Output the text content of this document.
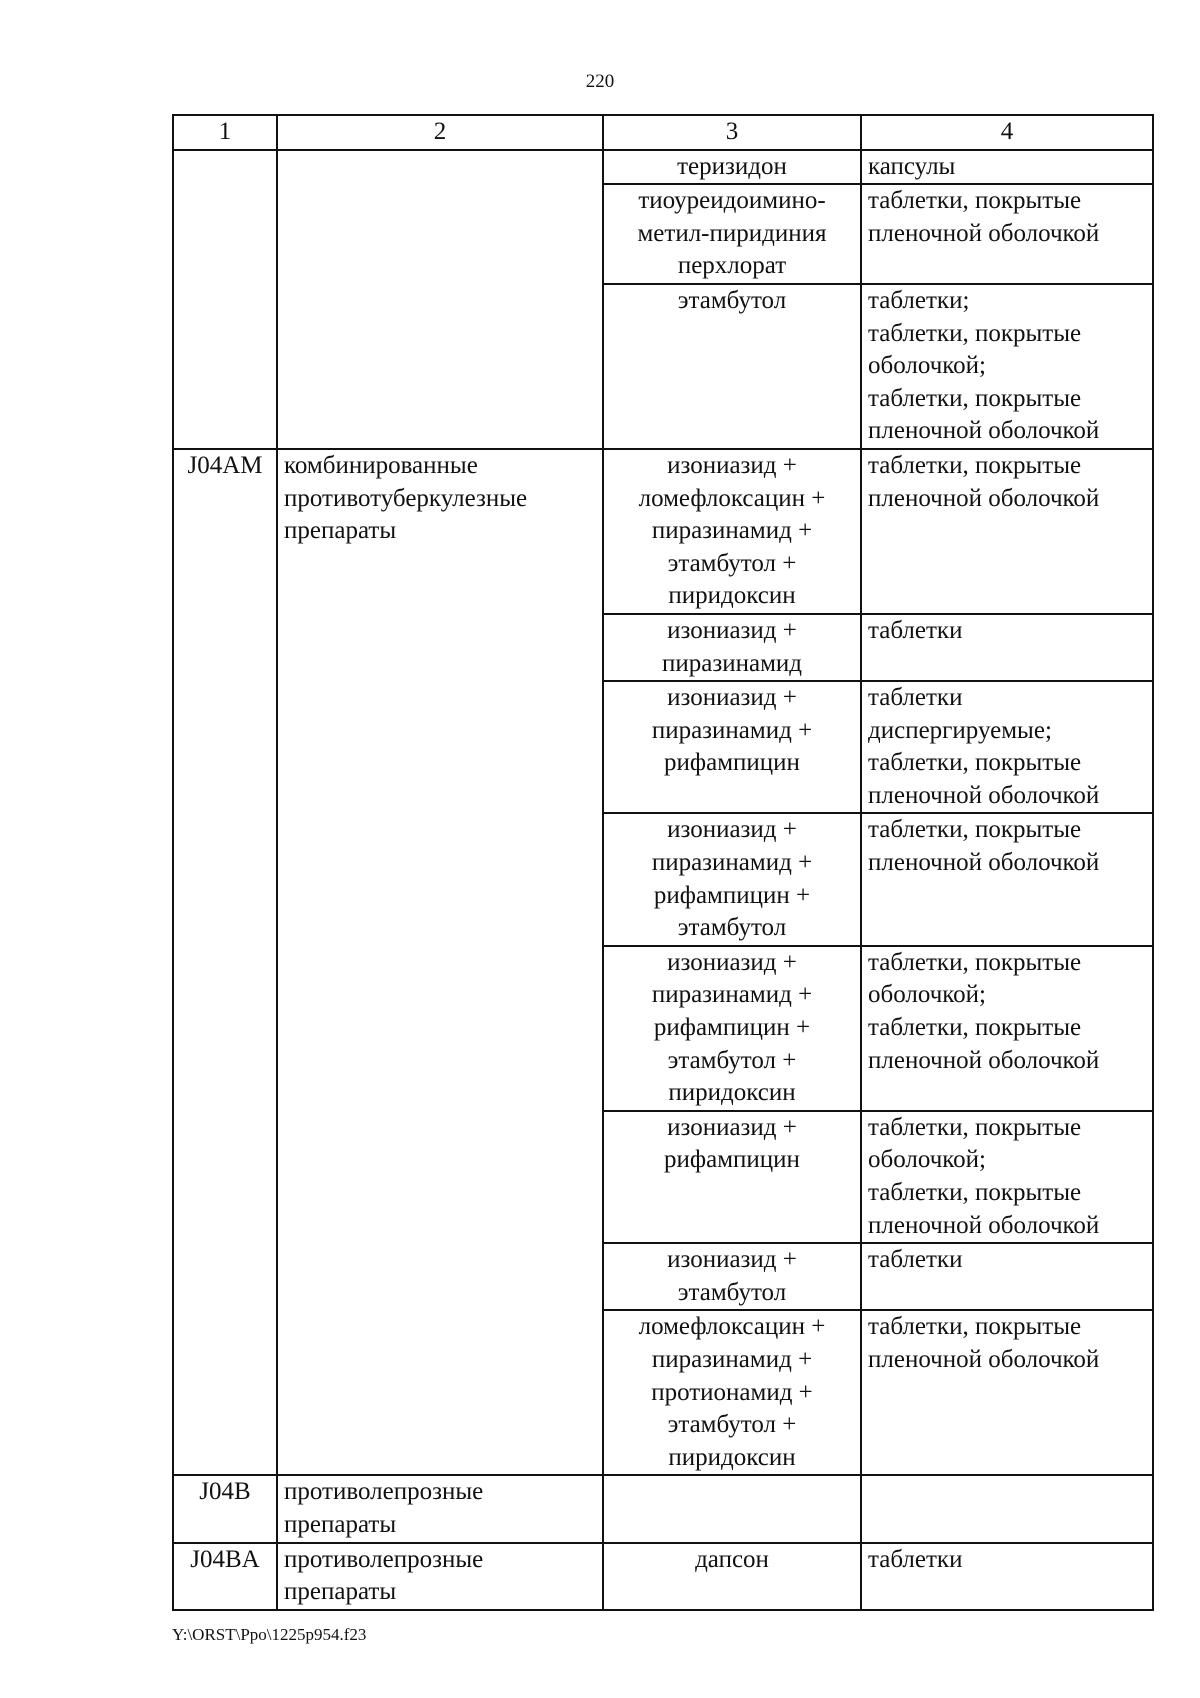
220
1	2	3	4

		теризидон	капсулы

		тиоуреидоимино-
метил-пиридиния
перхлорат	таблетки, покрытые
пленочной оболочкой

		этамбутол	таблетки;
таблетки, покрытые
оболочкой;
таблетки, покрытые
пленочной оболочкой

J04AM	комбинированные
противотуберкулезные
препараты	изониазид +
ломефлоксацин +
пиразинамид +
этамбутол +
пиридоксин	таблетки, покрытые
пленочной оболочкой

		изониазид +
пиразинамид	таблетки

		изониазид +
пиразинамид +
рифампицин	таблетки
диспергируемые;
таблетки, покрытые
пленочной оболочкой

		изониазид +
пиразинамид +
рифампицин +
этамбутол	таблетки, покрытые
пленочной оболочкой

		изониазид +
пиразинамид +
рифампицин +
этамбутол +
пиридоксин	таблетки, покрытые
оболочкой;
таблетки, покрытые
пленочной оболочкой

		изониазид +
рифампицин	таблетки, покрытые
оболочкой;
таблетки, покрытые
пленочной оболочкой

		изониазид +
этамбутол	таблетки

		ломефлоксацин +
пиразинамид +
протионамид +
этамбутол +
пиридоксин	таблетки, покрытые
пленочной оболочкой

J04B	противолепрозные
препараты		

J04BA	противолепрозные
препараты	дапсон	таблетки
Y:\ORST\Ppo\1225p954.f23
